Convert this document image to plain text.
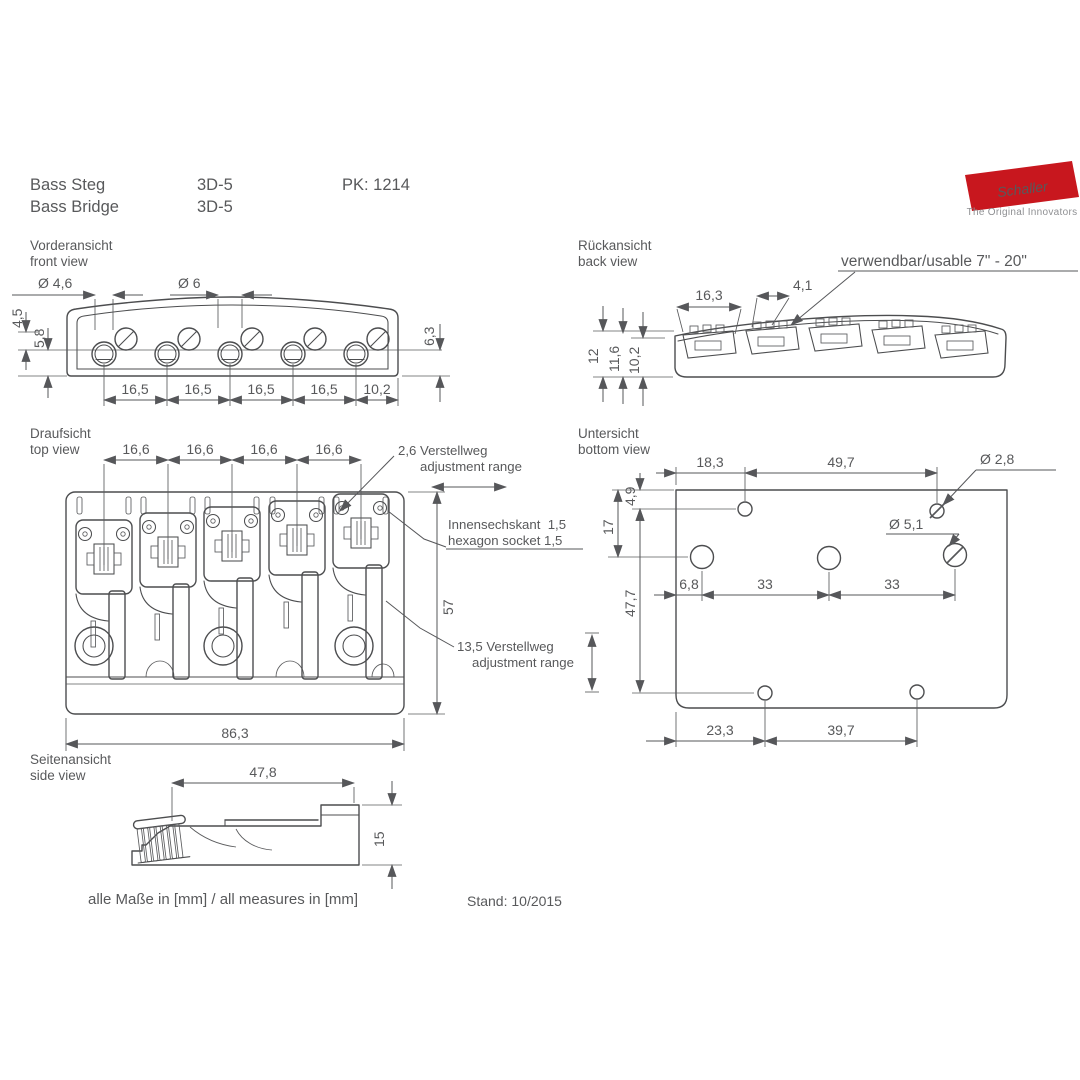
Bass Steg	3D-5	PK: 1214
Bass Bridge	3D-5
Schaller
The Original Innovators
Vorderansicht
front view
Rückansicht
back view
Draufsicht
top view
Untersicht
bottom view
Seitenansicht
side view
Ø 4,6	Ø 6
4,5
5,8	6,3
16,5	16,5	16,5	16,5 10,2
verwendbar/usable 7" - 20"
16,3
4,1
12 11,6 10,2
16,6	16,6	16,6	16,6
57
86,3
2,6 Verstellweg
adjustment range
Innensechskant  1,5
hexagon socket 1,5
13,5 Verstellweg
adjustment range
18,3	49,7	Ø 2,8
Ø 5,1
4,9
17
47,7
6,8	33	33
23,3	39,7
47,8
15
alle Maße in [mm] / all measures in [mm]	Stand: 10/2015
